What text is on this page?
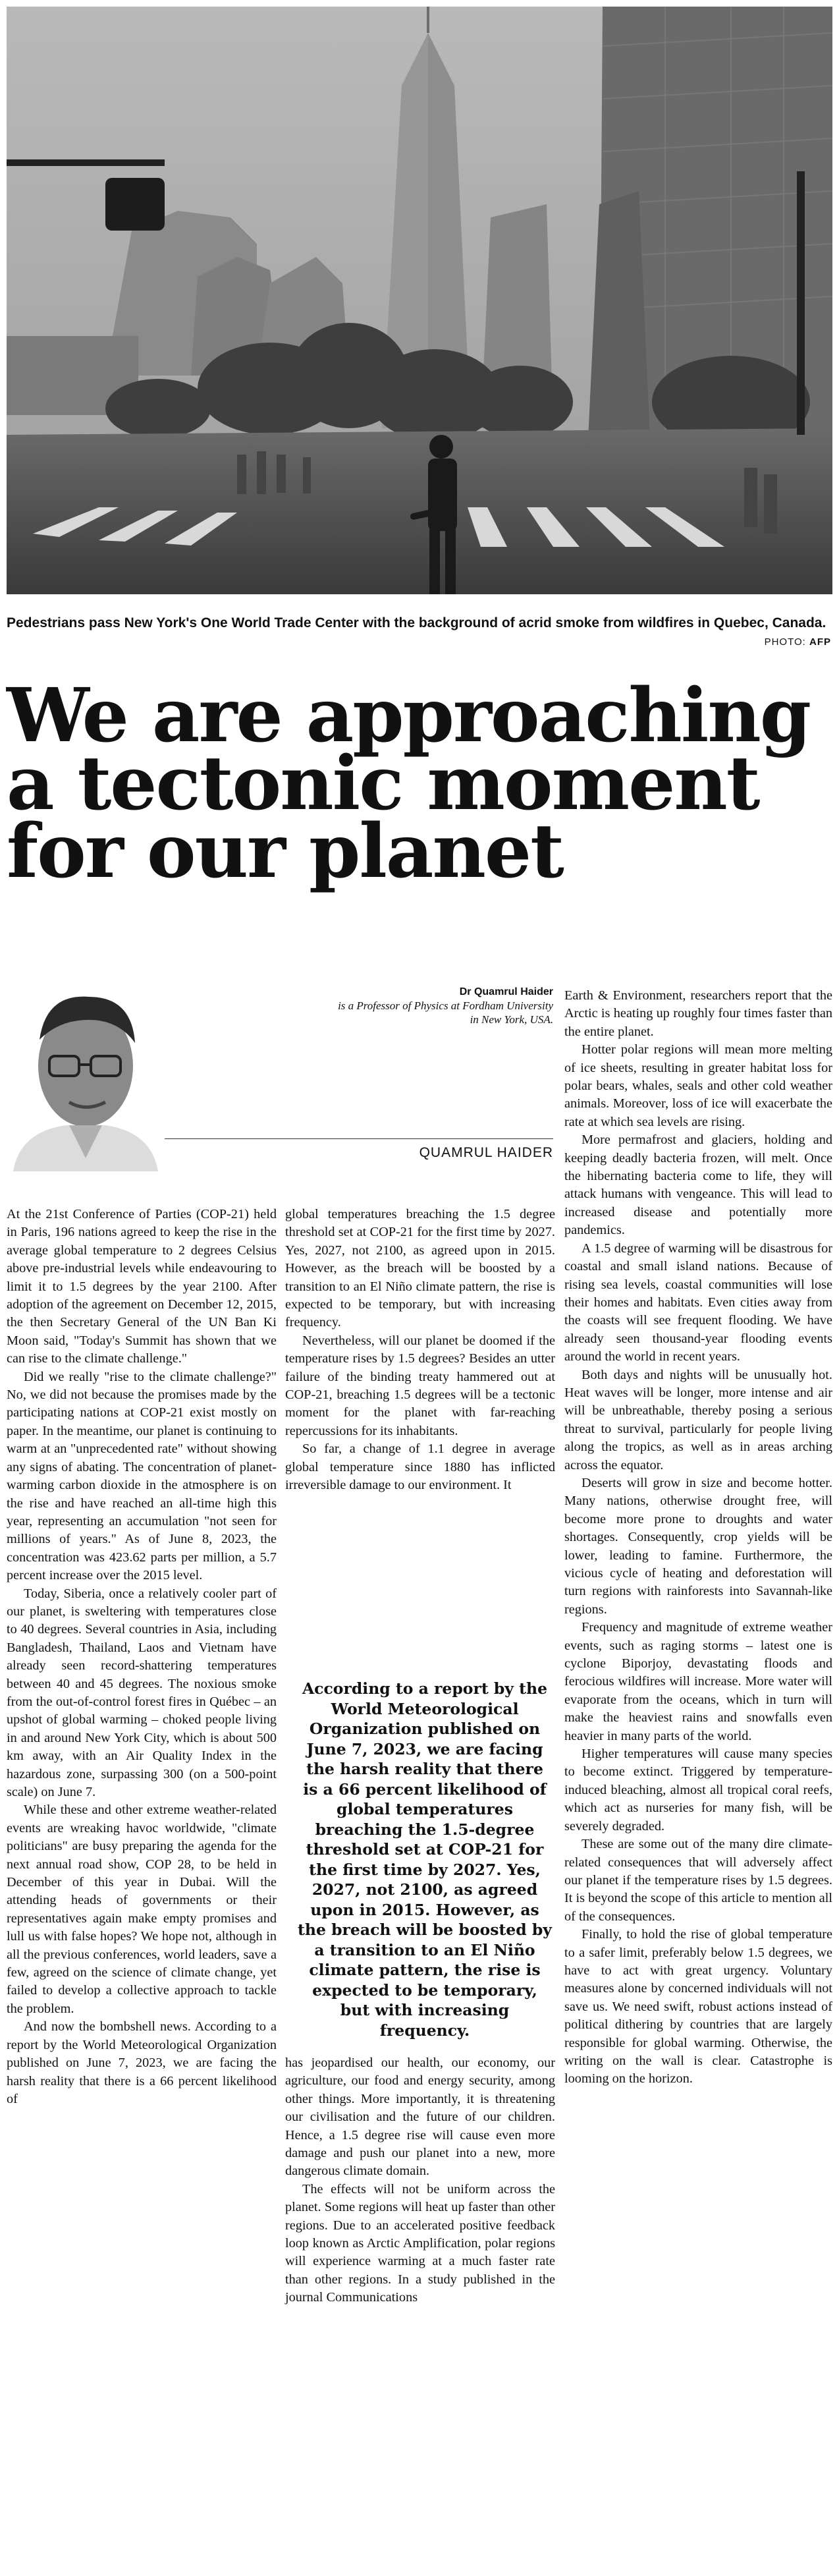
Pedestrians pass New York's One World Trade Center with the background of acrid smoke from wildfires in Quebec, Canada.
PHOTO: AFP
We are approaching a tectonic moment for our planet
Dr Quamrul Haider
is a Professor of Physics at Fordham University in New York, USA.
QUAMRUL HAIDER

At the 21st Conference of Parties (COP-21) held in Paris, 196 nations agreed to keep the rise in the average global temperature to 2 degrees Celsius above pre-industrial levels while endeavouring to limit it to 1.5 degrees by the year 2100. After adoption of the agreement on December 12, 2015, the then Secretary General of the UN Ban Ki Moon said, "Today's Summit has shown that we can rise to the climate challenge."

Did we really "rise to the climate challenge?" No, we did not because the promises made by the participating nations at COP-21 exist mostly on paper. In the meantime, our planet is continuing to warm at an "unprecedented rate" without showing any signs of abating. The concentration of planet-warming carbon dioxide in the atmosphere is on the rise and have reached an all-time high this year, representing an accumulation "not seen for millions of years." As of June 8, 2023, the concentration was 423.62 parts per million, a 5.7 percent increase over the 2015 level.

Today, Siberia, once a relatively cooler part of our planet, is sweltering with temperatures close to 40 degrees. Several countries in Asia, including Bangladesh, Thailand, Laos and Vietnam have already seen record-shattering temperatures between 40 and 45 degrees. The noxious smoke from the out-of-control forest fires in Québec – an upshot of global warming – choked people living in and around New York City, which is about 500 km away, with an Air Quality Index in the hazardous zone, surpassing 300 (on a 500-point scale) on June 7.

While these and other extreme weather-related events are wreaking havoc worldwide, "climate politicians" are busy preparing the agenda for the next annual road show, COP 28, to be held in December of this year in Dubai. Will the attending heads of governments or their representatives again make empty promises and lull us with false hopes? We hope not, although in all the previous conferences, world leaders, save a few, agreed on the science of climate change, yet failed to develop a collective approach to tackle the problem.

And now the bombshell news. According to a report by the World Meteorological Organization published on June 7, 2023, we are facing the harsh reality that there is a 66 percent likelihood of

global temperatures breaching the 1.5 degree threshold set at COP-21 for the first time by 2027. Yes, 2027, not 2100, as agreed upon in 2015. However, as the breach will be boosted by a transition to an El Niño climate pattern, the rise is expected to be temporary, but with increasing frequency.

Nevertheless, will our planet be doomed if the temperature rises by 1.5 degrees? Besides an utter failure of the binding treaty hammered out at COP-21, breaching 1.5 degrees will be a tectonic moment for the planet with far-reaching repercussions for its inhabitants.

So far, a change of 1.1 degree in average global temperature since 1880 has inflicted irreversible damage to our environment. It

According to a report by the World Meteorological Organization published on June 7, 2023, we are facing the harsh reality that there is a 66 percent likelihood of global temperatures breaching the 1.5-degree threshold set at COP-21 for the first time by 2027. Yes, 2027, not 2100, as agreed upon in 2015. However, as the breach will be boosted by a transition to an El Niño climate pattern, the rise is expected to be temporary, but with increasing frequency.

has jeopardised our health, our economy, our agriculture, our food and energy security, among other things. More importantly, it is threatening our civilisation and the future of our children. Hence, a 1.5 degree rise will cause even more damage and push our planet into a new, more dangerous climate domain.

The effects will not be uniform across the planet. Some regions will heat up faster than other regions. Due to an accelerated positive feedback loop known as Arctic Amplification, polar regions will experience warming at a much faster rate than other regions. In a study published in the journal Communications

Earth & Environment, researchers report that the Arctic is heating up roughly four times faster than the entire planet.

Hotter polar regions will mean more melting of ice sheets, resulting in greater habitat loss for polar bears, whales, seals and other cold weather animals. Moreover, loss of ice will exacerbate the rate at which sea levels are rising.

More permafrost and glaciers, holding and keeping deadly bacteria frozen, will melt. Once the hibernating bacteria come to life, they will attack humans with vengeance. This will lead to increased disease and potentially more pandemics.

A 1.5 degree of warming will be disastrous for coastal and small island nations. Because of rising sea levels, coastal communities will lose their homes and habitats. Even cities away from the coasts will see frequent flooding. We have already seen thousand-year flooding events around the world in recent years.

Both days and nights will be unusually hot. Heat waves will be longer, more intense and air will be unbreathable, thereby posing a serious threat to survival, particularly for people living along the tropics, as well as in areas arching across the equator.

Deserts will grow in size and become hotter. Many nations, otherwise drought free, will become more prone to droughts and water shortages. Consequently, crop yields will be lower, leading to famine. Furthermore, the vicious cycle of heating and deforestation will turn regions with rainforests into Savannah-like regions.

Frequency and magnitude of extreme weather events, such as raging storms – latest one is cyclone Biporjoy, devastating floods and ferocious wildfires will increase. More water will evaporate from the oceans, which in turn will make the heaviest rains and snowfalls even heavier in many parts of the world.

Higher temperatures will cause many species to become extinct. Triggered by temperature-induced bleaching, almost all tropical coral reefs, which act as nurseries for many fish, will be severely degraded.

These are some out of the many dire climate-related consequences that will adversely affect our planet if the temperature rises by 1.5 degrees. It is beyond the scope of this article to mention all of the consequences.

Finally, to hold the rise of global temperature to a safer limit, preferably below 1.5 degrees, we have to act with great urgency. Voluntary measures alone by concerned individuals will not save us. We need swift, robust actions instead of political dithering by countries that are largely responsible for global warming. Otherwise, the writing on the wall is clear. Catastrophe is looming on the horizon.
